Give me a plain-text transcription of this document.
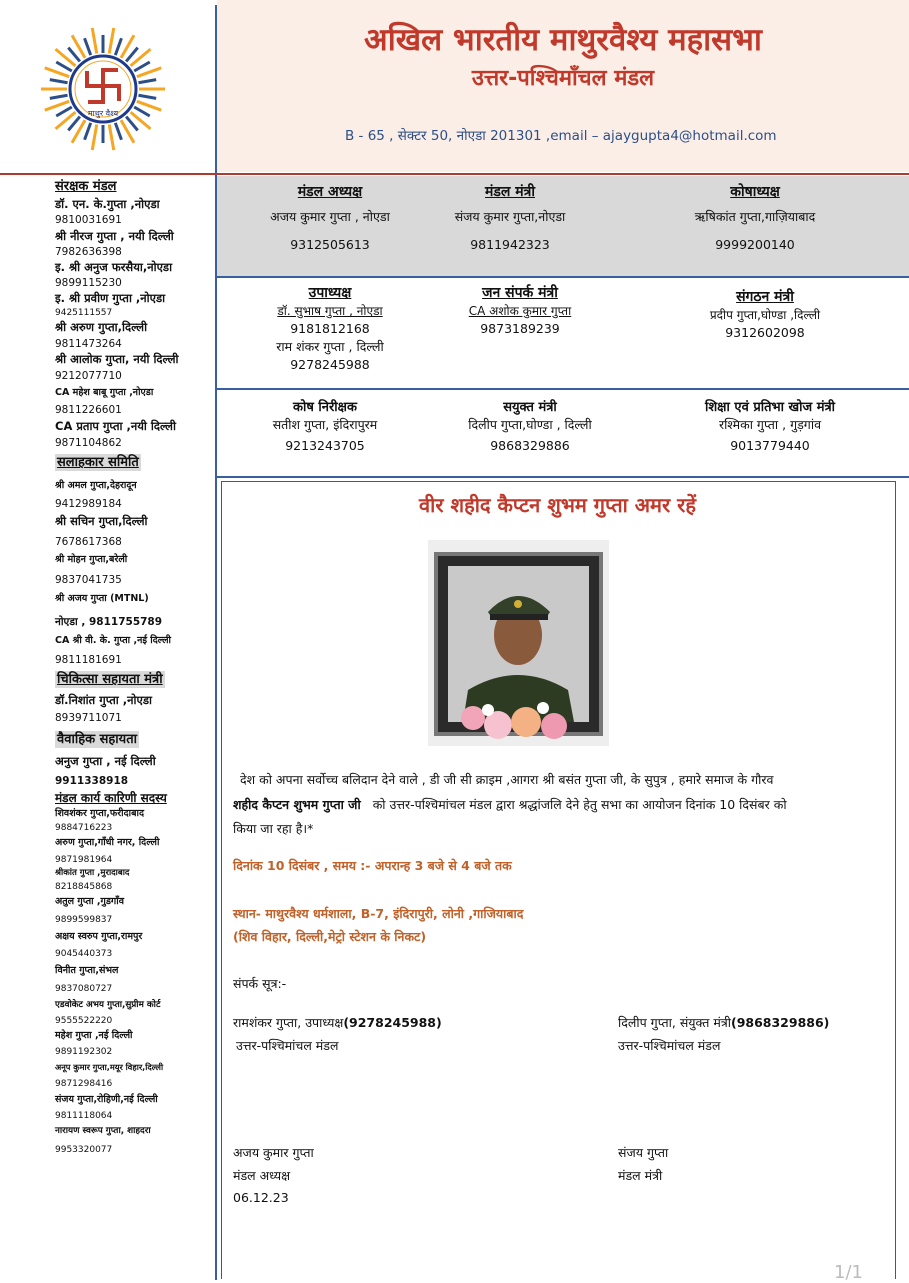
अखिल भारतीय माथुरवैश्य महासभा
उत्तर-पश्चिमाँचल मंडल
B - 65 , सेक्टर 50, नोएडा 201301 ,email – ajaygupta4@hotmail.com
माथुर वैश्य
संरक्षक मंडल
डॉ. एन. के.गुप्ता ,नोएडा
9810031691
श्री नीरज गुप्ता , नयी दिल्ली
7982636398
इ. श्री अनुज फरसैया,नोएडा
9899115230
इ. श्री प्रवीण गुप्ता ,नोएडा
9425111557
श्री अरुण गुप्ता,दिल्ली
9811473264
श्री आलोक गुप्ता, नयी दिल्ली
9212077710
CA महेश बाबू गुप्ता ,नोएडा
9811226601
CA प्रताप गुप्ता ,नयी दिल्ली
9871104862
सलाहकार समिति
श्री अमल गुप्ता,देहरादून
9412989184
श्री सचिन गुप्ता,दिल्ली
7678617368
श्री मोहन गुप्ता,बरेली
9837041735
श्री अजय गुप्ता (MTNL)
नोएडा , 9811755789
CA श्री वी. के. गुप्ता ,नई दिल्ली
9811181691
चिकित्सा सहायता मंत्री
डॉ.निशांत गुप्ता ,नोएडा
8939711071
वैवाहिक सहायता
अनुज गुप्ता , नई दिल्ली
9911338918
मंडल कार्य कारिणी सदस्य
शिवशंकर गुप्ता,फरीदाबाद
9884716223
अरुण गुप्ता,गाँधी नगर, दिल्ली
9871981964
श्रीकांत गुप्ता ,मुरादाबाद
8218845868
अतुल गुप्ता ,गुडगाँव
9899599837
अक्षय स्वरुप गुप्ता,रामपुर
9045440373
विनीत गुप्ता,संभल
9837080727
एडवोकेट अभय गुप्ता,सुप्रीम कोर्ट
9555522220
महेश गुप्ता ,नई दिल्ली
9891192302
अनूप कुमार गुप्ता,मयूर विहार,दिल्ली
9871298416
संजय गुप्ता,रोहिणी,नई दिल्ली
9811118064
नारायण स्वरूप गुप्ता, शाहदरा
9953320077
मंडल अध्यक्ष
अजय कुमार गुप्ता , नोएडा
9312505613
मंडल मंत्री
संजय कुमार गुप्ता,नोएडा
9811942323
कोषाध्यक्ष
ऋषिकांत गुप्ता,गाज़ियाबाद
9999200140
उपाध्यक्ष
डॉ. सुभाष गुप्ता , नोएडा
9181812168
राम शंकर गुप्ता , दिल्ली
9278245988
जन संपर्क मंत्री
CA अशोक कुमार गुप्ता
9873189239
संगठन मंत्री
प्रदीप गुप्ता,घोण्डा ,दिल्ली
9312602098
कोष निरीक्षक
सतीश गुप्ता, इंदिरापुरम
9213243705
सयुक्त मंत्री
दिलीप गुप्ता,घोण्डा , दिल्ली
9868329886
शिक्षा एवं प्रतिभा खोज मंत्री
रश्मिका गुप्ता , गुड़गांव
9013779440
वीर शहीद कैप्टन शुभम गुप्ता अमर रहें
देश को अपना सर्वोच्च बलिदान देने वाले , डी जी सी क्राइम ,आगरा श्री बसंत गुप्ता जी, के सुपुत्र , हमारे समाज के गौरव
शहीद कैप्टन शुभम गुप्ता जी को उत्तर-पश्चिमांचल मंडल द्वारा श्रद्धांजलि देने हेतु सभा का आयोजन दिनांक 10 दिसंबर को
किया जा रहा है।*
दिनांक 10 दिसंबर , समय :- अपरान्ह 3 बजे से 4 बजे तक
स्थान- माथुरवैश्य धर्मशाला, B-7, इंदिरापुरी, लोनी ,गाजियाबाद
(शिव विहार, दिल्ली,मेट्रो स्टेशन के निकट)
संपर्क सूत्र:-
रामशंकर गुप्ता, उपाध्यक्ष(9278245988)
उत्तर-पश्चिमांचल मंडल
दिलीप गुप्ता, संयुक्त मंत्री(9868329886)
उत्तर-पश्चिमांचल मंडल
अजय कुमार गुप्ता
मंडल अध्यक्ष
06.12.23
संजय गुप्ता
मंडल मंत्री
1/1
